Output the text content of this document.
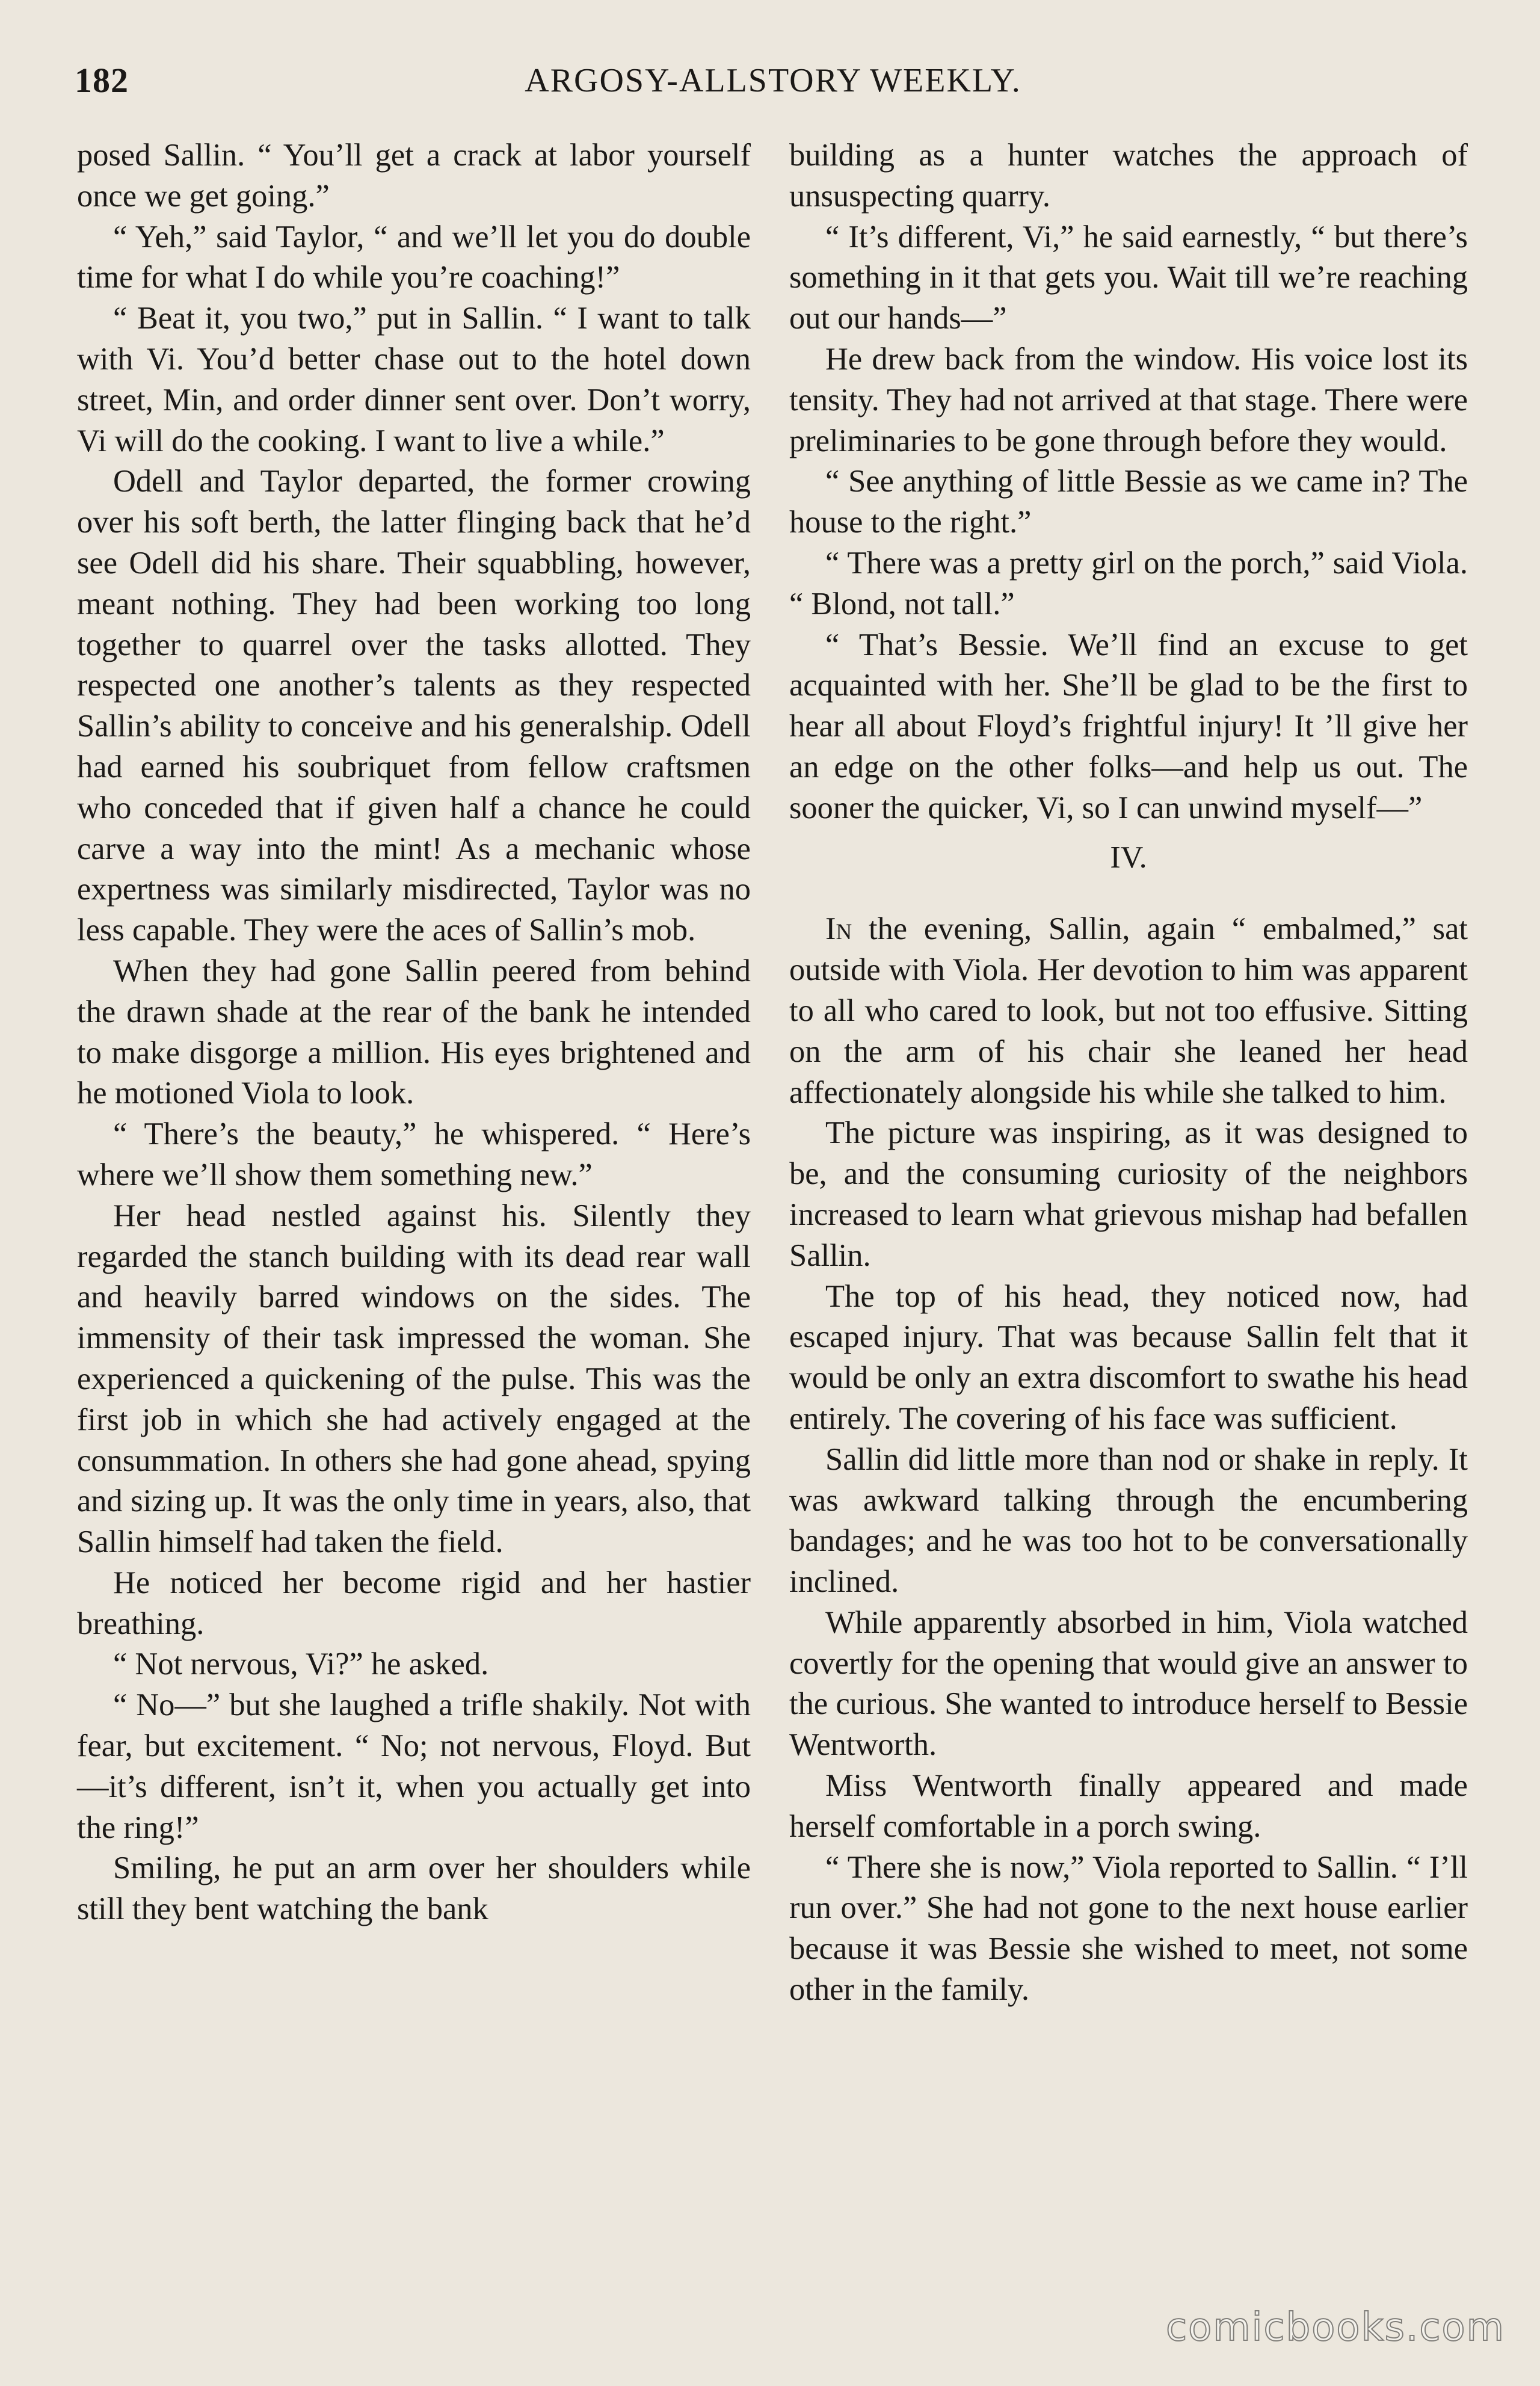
182	ARGOSY-ALLSTORY WEEKLY.

posed Sallin. “ You’ll get a crack at labor yourself once we get going.”

“ Yeh,” said Taylor, “ and we’ll let you do double time for what I do while you’re coaching!”

“ Beat it, you two,” put in Sallin. “ I want to talk with Vi. You’d better chase out to the hotel down street, Min, and order dinner sent over. Don’t worry, Vi will do the cooking. I want to live a while.”

Odell and Taylor departed, the former crowing over his soft berth, the latter flinging back that he’d see Odell did his share. Their squabbling, however, meant nothing. They had been working too long together to quarrel over the tasks allotted. They respected one another’s talents as they respected Sallin’s ability to conceive and his generalship. Odell had earned his soubriquet from fellow craftsmen who conceded that if given half a chance he could carve a way into the mint! As a mechanic whose expertness was similarly misdirected, Taylor was no less capable. They were the aces of Sallin’s mob.

When they had gone Sallin peered from behind the drawn shade at the rear of the bank he intended to make disgorge a million. His eyes brightened and he motioned Viola to look.

“ There’s the beauty,” he whispered. “ Here’s where we’ll show them something new.”

Her head nestled against his. Silently they regarded the stanch building with its dead rear wall and heavily barred windows on the sides. The immensity of their task impressed the woman. She experienced a quickening of the pulse. This was the first job in which she had actively engaged at the consummation. In others she had gone ahead, spying and sizing up. It was the only time in years, also, that Sallin himself had taken the field.

He noticed her become rigid and her hastier breathing.

“ Not nervous, Vi?” he asked.

“ No—” but she laughed a trifle shakily. Not with fear, but excitement. “ No; not nervous, Floyd. But—it’s different, isn’t it, when you actually get into the ring!”

Smiling, he put an arm over her shoulders while still they bent watching the bank

building as a hunter watches the approach of unsuspecting quarry.

“ It’s different, Vi,” he said earnestly, “ but there’s something in it that gets you. Wait till we’re reaching out our hands—”

He drew back from the window. His voice lost its tensity. They had not arrived at that stage. There were preliminaries to be gone through before they would.

“ See anything of little Bessie as we came in? The house to the right.”

“ There was a pretty girl on the porch,” said Viola. “ Blond, not tall.”

“ That’s Bessie. We’ll find an excuse to get acquainted with her. She’ll be glad to be the first to hear all about Floyd’s frightful injury! It ’ll give her an edge on the other folks—and help us out. The sooner the quicker, Vi, so I can unwind myself—”

IV.

In the evening, Sallin, again “ embalmed,” sat outside with Viola. Her devotion to him was apparent to all who cared to look, but not too effusive. Sitting on the arm of his chair she leaned her head affectionately alongside his while she talked to him.

The picture was inspiring, as it was designed to be, and the consuming curiosity of the neighbors increased to learn what grievous mishap had befallen Sallin.

The top of his head, they noticed now, had escaped injury. That was because Sallin felt that it would be only an extra discomfort to swathe his head entirely. The covering of his face was sufficient.

Sallin did little more than nod or shake in reply. It was awkward talking through the encumbering bandages; and he was too hot to be conversationally inclined.

While apparently absorbed in him, Viola watched covertly for the opening that would give an answer to the curious. She wanted to introduce herself to Bessie Wentworth.

Miss Wentworth finally appeared and made herself comfortable in a porch swing.

“ There she is now,” Viola reported to Sallin. “ I’ll run over.” She had not gone to the next house earlier because it was Bessie she wished to meet, not some other in the family.

comicbooks.com
